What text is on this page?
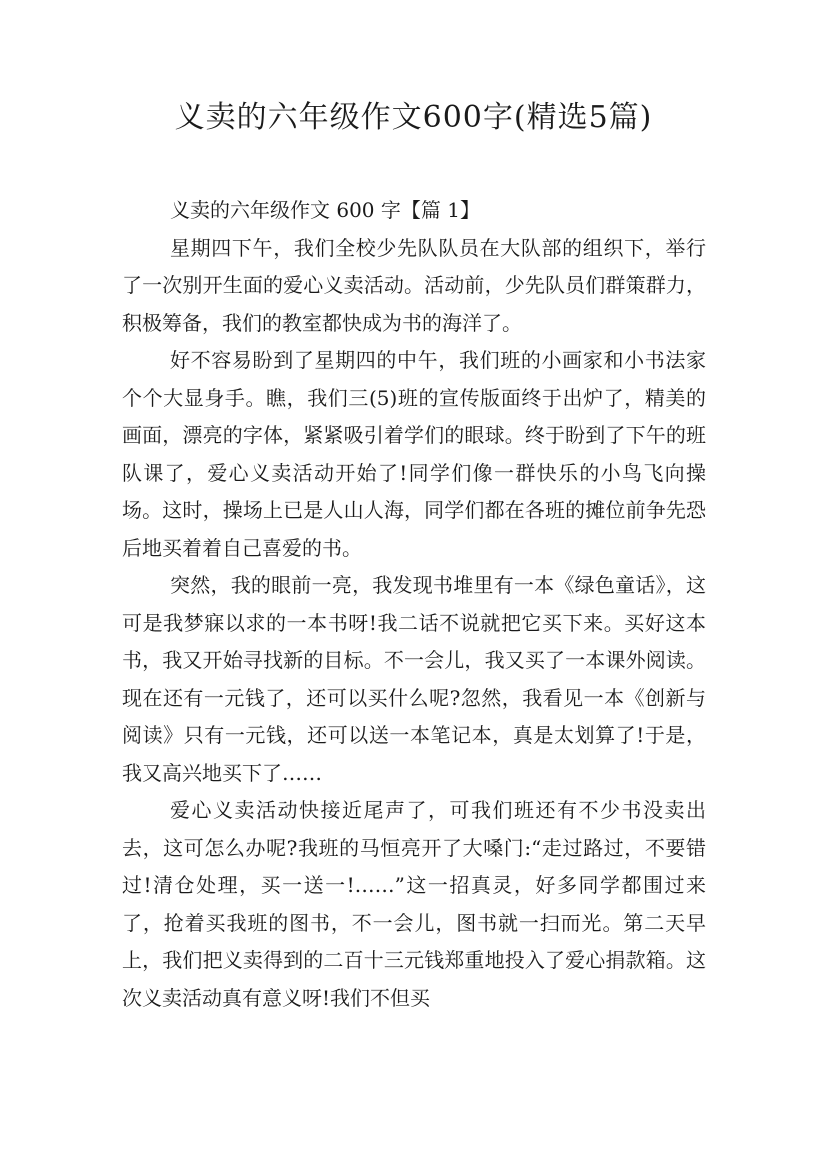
义卖的六年级作文600字(精选5篇)

义卖的六年级作文 600 字【篇 1】

星期四下午，我们全校少先队队员在大队部的组织下，举行了一次别开生面的爱心义卖活动。活动前，少先队员们群策群力，积极筹备，我们的教室都快成为书的海洋了。

好不容易盼到了星期四的中午，我们班的小画家和小书法家个个大显身手。瞧，我们三(5)班的宣传版面终于出炉了，精美的画面，漂亮的字体，紧紧吸引着学们的眼球。终于盼到了下午的班队课了，爱心义卖活动开始了!同学们像一群快乐的小鸟飞向操场。这时，操场上已是人山人海，同学们都在各班的摊位前争先恐后地买着着自己喜爱的书。

突然，我的眼前一亮，我发现书堆里有一本《绿色童话》，这可是我梦寐以求的一本书呀!我二话不说就把它买下来。买好这本书，我又开始寻找新的目标。不一会儿，我又买了一本课外阅读。现在还有一元钱了，还可以买什么呢?忽然，我看见一本《创新与阅读》只有一元钱，还可以送一本笔记本，真是太划算了!于是，我又高兴地买下了……

爱心义卖活动快接近尾声了，可我们班还有不少书没卖出去，这可怎么办呢?我班的马恒亮开了大嗓门:“走过路过，不要错过!清仓处理，买一送一!……”这一招真灵，好多同学都围过来了，抢着买我班的图书，不一会儿，图书就一扫而光。第二天早上，我们把义卖得到的二百十三元钱郑重地投入了爱心捐款箱。这次义卖活动真有意义呀!我们不但买
